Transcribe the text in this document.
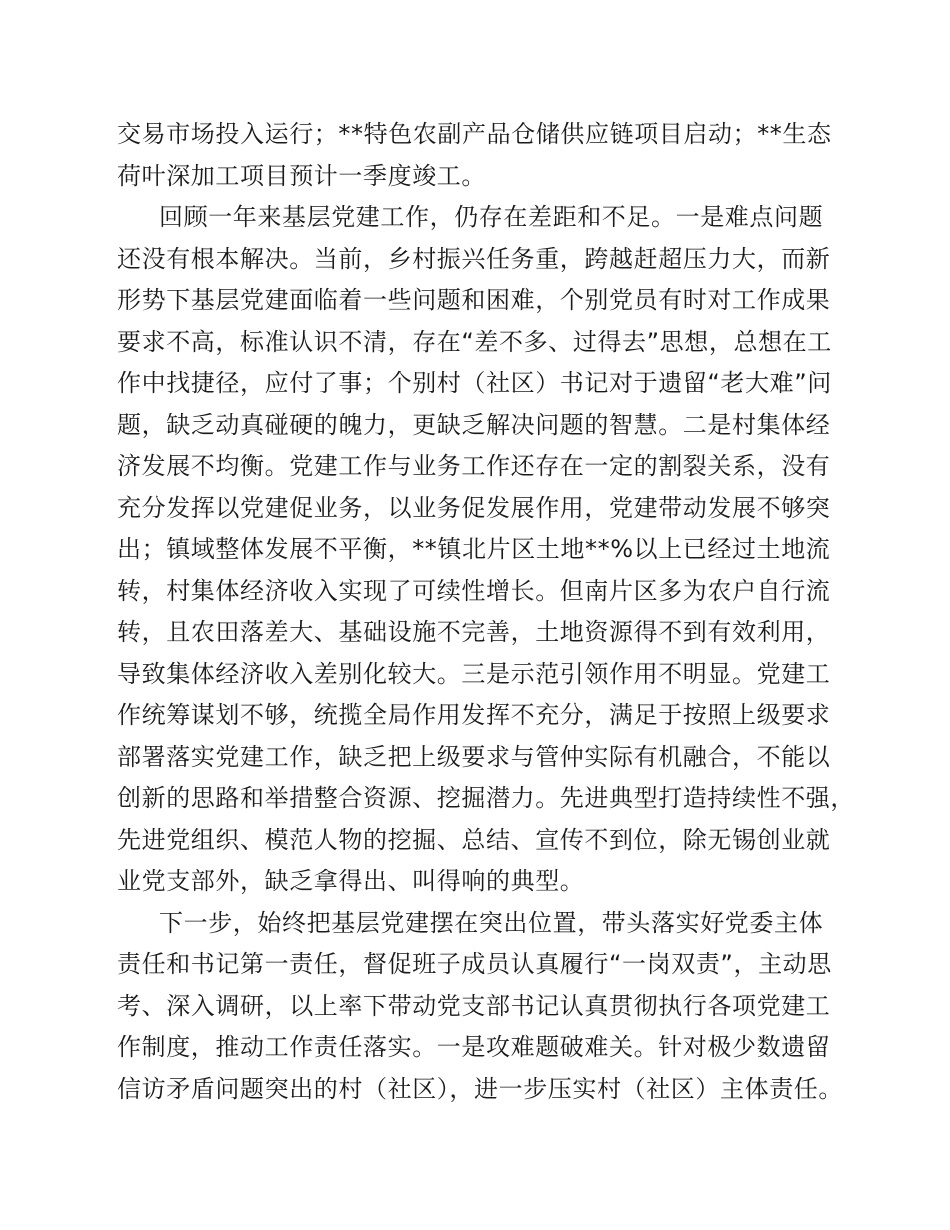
交易市场投入运行；**特色农副产品仓储供应链项目启动；**生态
荷叶深加工项目预计一季度竣工。
回顾一年来基层党建工作，仍存在差距和不足。一是难点问题
还没有根本解决。当前，乡村振兴任务重，跨越赶超压力大，而新
形势下基层党建面临着一些问题和困难，个别党员有时对工作成果
要求不高，标准认识不清，存在“差不多、过得去”思想，总想在工
作中找捷径，应付了事；个别村（社区）书记对于遗留“老大难”问
题，缺乏动真碰硬的魄力，更缺乏解决问题的智慧。二是村集体经
济发展不均衡。党建工作与业务工作还存在一定的割裂关系，没有
充分发挥以党建促业务，以业务促发展作用，党建带动发展不够突
出；镇域整体发展不平衡，**镇北片区土地**%以上已经过土地流
转，村集体经济收入实现了可续性增长。但南片区多为农户自行流
转，且农田落差大、基础设施不完善，土地资源得不到有效利用，
导致集体经济收入差别化较大。三是示范引领作用不明显。党建工
作统筹谋划不够，统揽全局作用发挥不充分，满足于按照上级要求
部署落实党建工作，缺乏把上级要求与管仲实际有机融合，不能以
创新的思路和举措整合资源、挖掘潜力。先进典型打造持续性不强，
先进党组织、模范人物的挖掘、总结、宣传不到位，除无锡创业就
业党支部外，缺乏拿得出、叫得响的典型。
下一步，始终把基层党建摆在突出位置，带头落实好党委主体
责任和书记第一责任，督促班子成员认真履行“一岗双责”，主动思
考、深入调研，以上率下带动党支部书记认真贯彻执行各项党建工
作制度，推动工作责任落实。一是攻难题破难关。针对极少数遗留
信访矛盾问题突出的村（社区），进一步压实村（社区）主体责任。
